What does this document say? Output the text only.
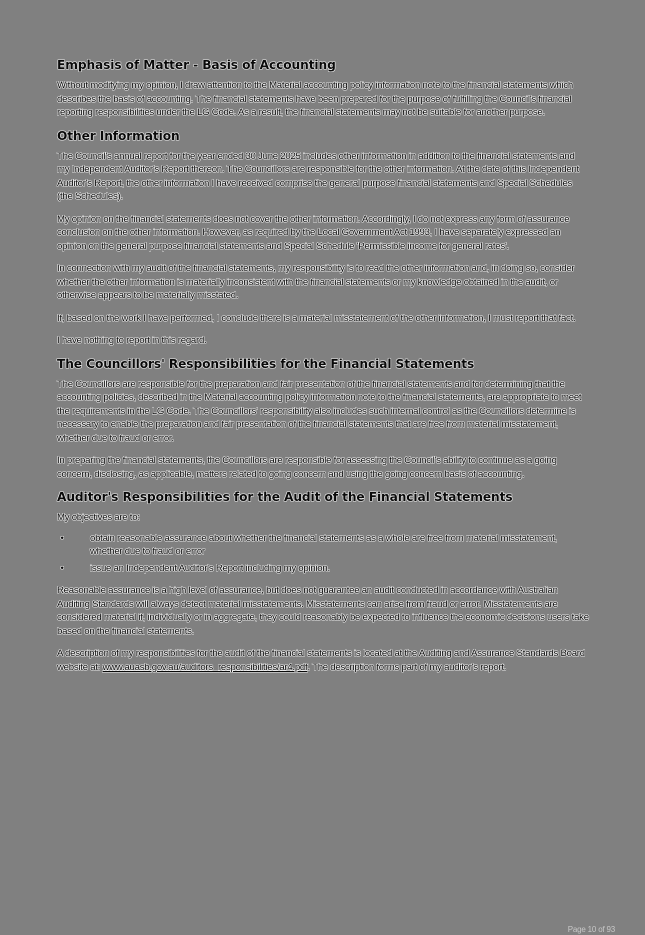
Emphasis of Matter - Basis of Accounting

Without modifying my opinion, I draw attention to the Material accounting policy information note to the financial statements which describes the basis of accounting. The financial statements have been prepared for the purpose of fulfilling the Council's financial reporting responsibilities under the LG Code. As a result, the financial statements may not be suitable for another purpose.

Other Information

The Council's annual report for the year ended 30 June 2025 includes other information in addition to the financial statements and my Independent Auditor's Report thereon. The Councillors are responsible for the other information. At the date of this Independent Auditor's Report, the other information I have received comprise the general purpose financial statements and Special Schedules (the Schedules).

My opinion on the financial statements does not cover the other information. Accordingly, I do not express any form of assurance conclusion on the other information. However, as required by the Local Government Act 1993, I have separately expressed an opinion on the general purpose financial statements and Special Schedule 'Permissible income for general rates'.

In connection with my audit of the financial statements, my responsibility is to read the other information and, in doing so, consider whether the other information is materially inconsistent with the financial statements or my knowledge obtained in the audit, or otherwise appears to be materially misstated.

If, based on the work I have performed, I conclude there is a material misstatement of the other information, I must report that fact.

I have nothing to report in this regard.

The Councillors' Responsibilities for the Financial Statements

The Councillors are responsible for the preparation and fair presentation of the financial statements and for determining that the accounting policies, described in the Material accounting policy information note to the financial statements, are appropriate to meet the requirements in the LG Code. The Councillors' responsibility also includes such internal control as the Councillors determine is necessary to enable the preparation and fair presentation of the financial statements that are free from material misstatement, whether due to fraud or error.

In preparing the financial statements, the Councillors are responsible for assessing the Council's ability to continue as a going concern, disclosing, as applicable, matters related to going concern and using the going concern basis of accounting.

Auditor's Responsibilities for the Audit of the Financial Statements

My objectives are to:

•	obtain reasonable assurance about whether the financial statements as a whole are free from material misstatement, whether due to fraud or error
•	issue an Independent Auditor's Report including my opinion.

Reasonable assurance is a high level of assurance, but does not guarantee an audit conducted in accordance with Australian Auditing Standards will always detect material misstatements. Misstatements can arise from fraud or error. Misstatements are considered material if, individually or in aggregate, they could reasonably be expected to influence the economic decisions users take based on the financial statements.

A description of my responsibilities for the audit of the financial statements is located at the Auditing and Assurance Standards Board website at: www.auasb.gov.au/auditors_responsibilities/ar4.pdf. The description forms part of my auditor's report.

Page 10 of 93
